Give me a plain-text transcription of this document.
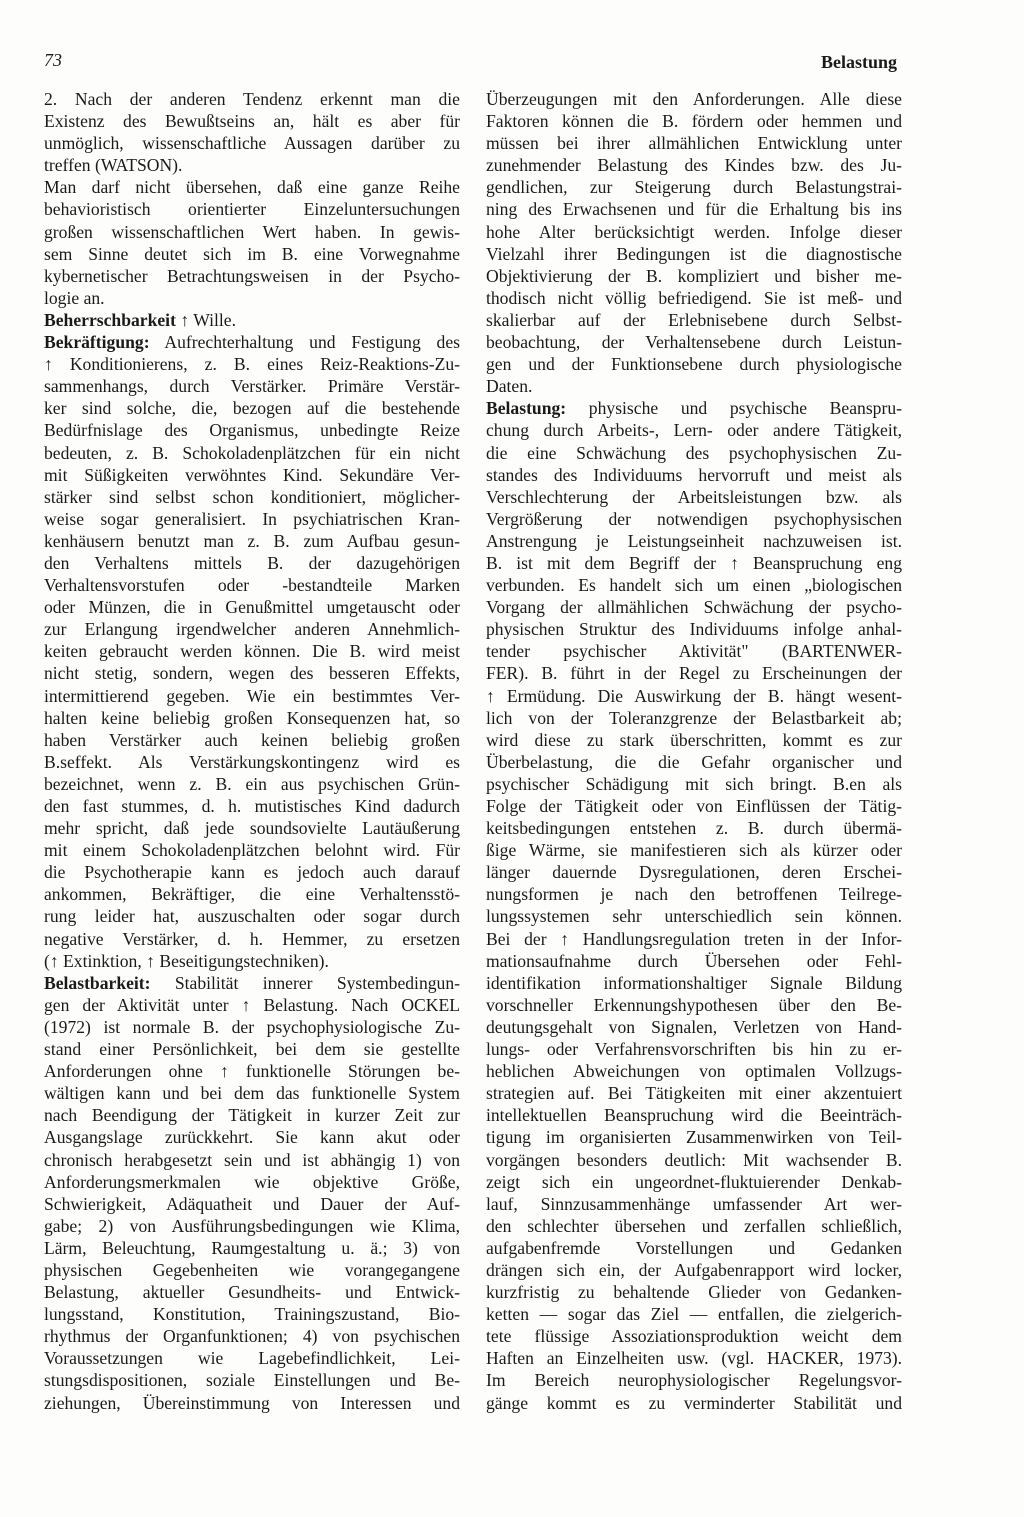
73	Belastung
2. Nach der anderen Tendenz erkennt man die
Existenz des Bewußtseins an, hält es aber für
unmöglich, wissenschaftliche Aussagen darüber zu
treffen (WATSON).
Man darf nicht übersehen, daß eine ganze Reihe
behavioristisch orientierter Einzeluntersuchungen
großen wissenschaftlichen Wert haben. In gewis-
sem Sinne deutet sich im B. eine Vorwegnahme
kybernetischer Betrachtungsweisen in der Psycho-
logie an.
Beherrschbarkeit ↑ Wille.
Bekräftigung: Aufrechterhaltung und Festigung des
↑ Konditionierens, z. B. eines Reiz-Reaktions-Zu-
sammenhangs, durch Verstärker. Primäre Verstär-
ker sind solche, die, bezogen auf die bestehende
Bedürfnislage des Organismus, unbedingte Reize
bedeuten, z. B. Schokoladenplätzchen für ein nicht
mit Süßigkeiten verwöhntes Kind. Sekundäre Ver-
stärker sind selbst schon konditioniert, möglicher-
weise sogar generalisiert. In psychiatrischen Kran-
kenhäusern benutzt man z. B. zum Aufbau gesun-
den Verhaltens mittels B. der dazugehörigen
Verhaltensvorstufen oder -bestandteile Marken
oder Münzen, die in Genußmittel umgetauscht oder
zur Erlangung irgendwelcher anderen Annehmlich-
keiten gebraucht werden können. Die B. wird meist
nicht stetig, sondern, wegen des besseren Effekts,
intermittierend gegeben. Wie ein bestimmtes Ver-
halten keine beliebig großen Konsequenzen hat, so
haben Verstärker auch keinen beliebig großen
B.seffekt. Als Verstärkungskontingenz wird es
bezeichnet, wenn z. B. ein aus psychischen Grün-
den fast stummes, d. h. mutistisches Kind dadurch
mehr spricht, daß jede soundsovielte Lautäußerung
mit einem Schokoladenplätzchen belohnt wird. Für
die Psychotherapie kann es jedoch auch darauf
ankommen, Bekräftiger, die eine Verhaltensstö-
rung leider hat, auszuschalten oder sogar durch
negative Verstärker, d. h. Hemmer, zu ersetzen
(↑ Extinktion, ↑ Beseitigungstechniken).
Belastbarkeit: Stabilität innerer Systembedingun-
gen der Aktivität unter ↑ Belastung. Nach OCKEL
(1972) ist normale B. der psychophysiologische Zu-
stand einer Persönlichkeit, bei dem sie gestellte
Anforderungen ohne ↑ funktionelle Störungen be-
wältigen kann und bei dem das funktionelle System
nach Beendigung der Tätigkeit in kurzer Zeit zur
Ausgangslage zurückkehrt. Sie kann akut oder
chronisch herabgesetzt sein und ist abhängig 1) von
Anforderungsmerkmalen wie objektive Größe,
Schwierigkeit, Adäquatheit und Dauer der Auf-
gabe; 2) von Ausführungsbedingungen wie Klima,
Lärm, Beleuchtung, Raumgestaltung u. ä.; 3) von
physischen Gegebenheiten wie vorangegangene
Belastung, aktueller Gesundheits- und Entwick-
lungsstand, Konstitution, Trainingszustand, Bio-
rhythmus der Organfunktionen; 4) von psychischen
Voraussetzungen wie Lagebefindlichkeit, Lei-
stungsdispositionen, soziale Einstellungen und Be-
ziehungen, Übereinstimmung von Interessen und
Überzeugungen mit den Anforderungen. Alle diese
Faktoren können die B. fördern oder hemmen und
müssen bei ihrer allmählichen Entwicklung unter
zunehmender Belastung des Kindes bzw. des Ju-
gendlichen, zur Steigerung durch Belastungstrai-
ning des Erwachsenen und für die Erhaltung bis ins
hohe Alter berücksichtigt werden. Infolge dieser
Vielzahl ihrer Bedingungen ist die diagnostische
Objektivierung der B. kompliziert und bisher me-
thodisch nicht völlig befriedigend. Sie ist meß- und
skalierbar auf der Erlebnisebene durch Selbst-
beobachtung, der Verhaltensebene durch Leistun-
gen und der Funktionsebene durch physiologische
Daten.
Belastung: physische und psychische Beanspru-
chung durch Arbeits-, Lern- oder andere Tätigkeit,
die eine Schwächung des psychophysischen Zu-
standes des Individuums hervorruft und meist als
Verschlechterung der Arbeitsleistungen bzw. als
Vergrößerung der notwendigen psychophysischen
Anstrengung je Leistungseinheit nachzuweisen ist.
B. ist mit dem Begriff der ↑ Beanspruchung eng
verbunden. Es handelt sich um einen „biologischen
Vorgang der allmählichen Schwächung der psycho-
physischen Struktur des Individuums infolge anhal-
tender psychischer Aktivität" (BARTENWER-
FER). B. führt in der Regel zu Erscheinungen der
↑ Ermüdung. Die Auswirkung der B. hängt wesent-
lich von der Toleranzgrenze der Belastbarkeit ab;
wird diese zu stark überschritten, kommt es zur
Überbelastung, die die Gefahr organischer und
psychischer Schädigung mit sich bringt. B.en als
Folge der Tätigkeit oder von Einflüssen der Tätig-
keitsbedingungen entstehen z. B. durch übermä-
ßige Wärme, sie manifestieren sich als kürzer oder
länger dauernde Dysregulationen, deren Erschei-
nungsformen je nach den betroffenen Teilrege-
lungssystemen sehr unterschiedlich sein können.
Bei der ↑ Handlungsregulation treten in der Infor-
mationsaufnahme durch Übersehen oder Fehl-
identifikation informationshaltiger Signale Bildung
vorschneller Erkennungshypothesen über den Be-
deutungsgehalt von Signalen, Verletzen von Hand-
lungs- oder Verfahrensvorschriften bis hin zu er-
heblichen Abweichungen von optimalen Vollzugs-
strategien auf. Bei Tätigkeiten mit einer akzentuiert
intellektuellen Beanspruchung wird die Beeinträch-
tigung im organisierten Zusammenwirken von Teil-
vorgängen besonders deutlich: Mit wachsender B.
zeigt sich ein ungeordnet-fluktuierender Denkab-
lauf, Sinnzusammenhänge umfassender Art wer-
den schlechter übersehen und zerfallen schließlich,
aufgabenfremde Vorstellungen und Gedanken
drängen sich ein, der Aufgabenrapport wird locker,
kurzfristig zu behaltende Glieder von Gedanken-
ketten — sogar das Ziel — entfallen, die zielgerich-
tete flüssige Assoziationsproduktion weicht dem
Haften an Einzelheiten usw. (vgl. HACKER, 1973).
Im Bereich neurophysiologischer Regelungsvor-
gänge kommt es zu verminderter Stabilität und
